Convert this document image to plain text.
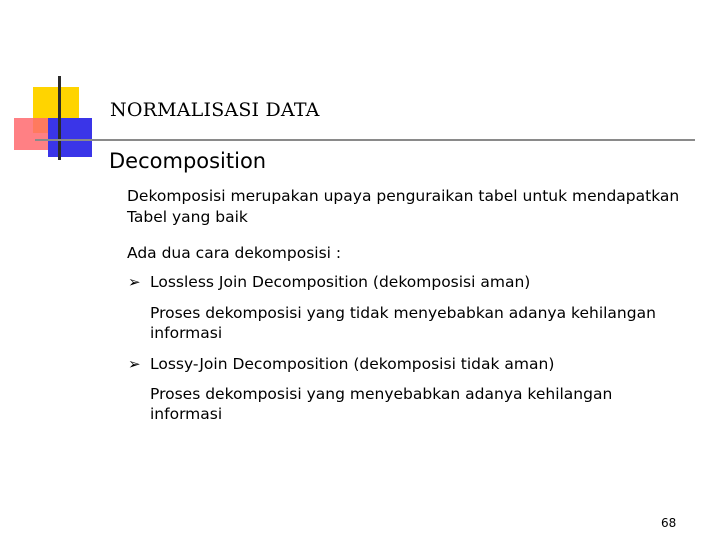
NORMALISASI DATA
Decomposition
Dekomposisi merupakan upaya penguraikan tabel untuk mendapatkan
Tabel yang baik
Ada dua cara dekomposisi :
➢ Lossless Join Decomposition (dekomposisi aman)
Proses dekomposisi yang tidak menyebabkan adanya kehilangan
informasi
➢ Lossy-Join Decomposition (dekomposisi tidak aman)
Proses dekomposisi yang menyebabkan adanya kehilangan
informasi
68
